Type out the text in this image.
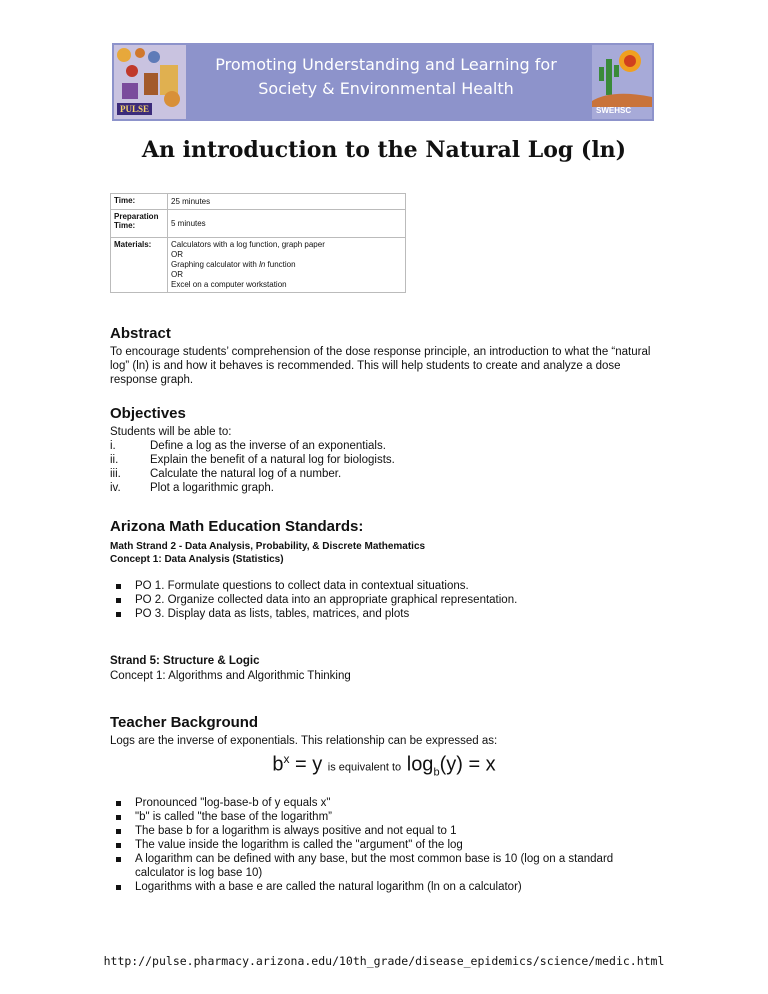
PULSE
Promoting Understanding and Learning for
Society & Environmental Health
SWEHSC
An introduction to the Natural Log (ln)
Time:	25 minutes
Preparation Time:	5 minutes
Materials:	Calculators with a log function, graph paper
OR
Graphing calculator with ln function
OR
Excel on a computer workstation
Abstract

To encourage students’ comprehension of the dose response principle, an introduction to what the “natural log” (ln) is and how it behaves is recommended. This will help students to create and analyze a dose response graph.

Objectives
Students will be able to:
i.	Define a log as the inverse of an exponentials.
ii.	Explain the benefit of a natural log for biologists.
iii.	Calculate the natural log of a number.
iv.	Plot a logarithmic graph.
Arizona Math Education Standards:
Math Strand 2 - Data Analysis, Probability, & Discrete Mathematics
Concept 1: Data Analysis (Statistics)
PO 1. Formulate questions to collect data in contextual situations.
PO 2. Organize collected data into an appropriate graphical representation.
PO 3. Display data as lists, tables, matrices, and plots
Strand 5: Structure & Logic
Concept 1: Algorithms and Algorithmic Thinking
Teacher Background
Logs are the inverse of exponentials. This relationship can be expressed as:
$b^x = y$ is equivalent to $\log_b(y) = x$
Pronounced "log-base-b of y equals x"
"b" is called "the base of the logarithm”
The base b for a logarithm is always positive and not equal to 1
The value inside the logarithm is called the "argument" of the log
A logarithm can be defined with any base, but the most common base is 10 (log on a standard calculator is log base 10)
Logarithms with a base e are called the natural logarithm (ln on a calculator)
http://pulse.pharmacy.arizona.edu/10th_grade/disease_epidemics/science/medic.html
